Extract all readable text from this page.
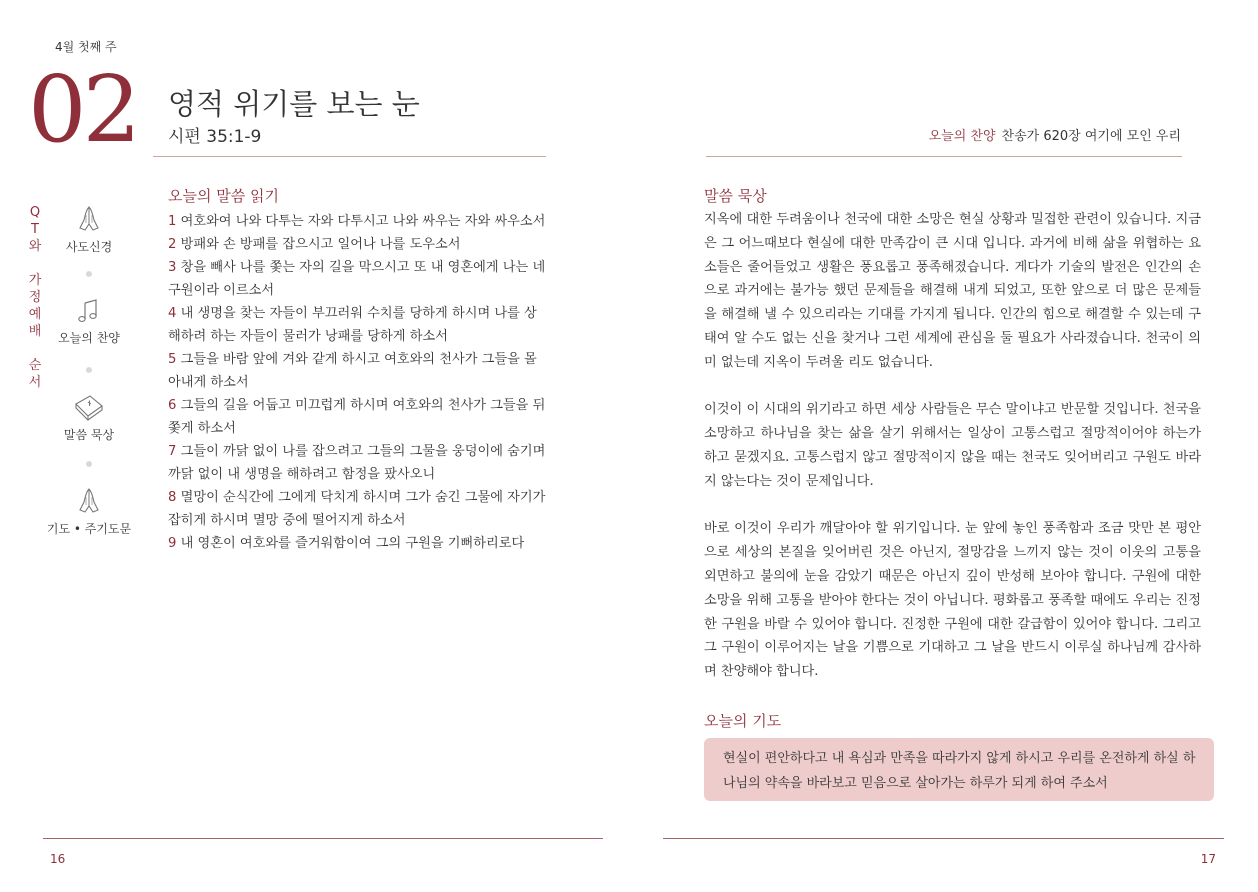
4월 첫째 주
02 영적 위기를 보는 눈
시편 35:1-9	오늘의 찬양 찬송가 620장 여기에 모인 우리
Q
T
와

가
정
예
배

순
서
사도신경
오늘의 찬양
말씀 묵상
기도 • 주기도문
오늘의 말씀 읽기

1 여호와여 나와 다투는 자와 다투시고 나와 싸우는 자와 싸우소서

2 방패와 손 방패를 잡으시고 일어나 나를 도우소서

3 창을 빼사 나를 쫓는 자의 길을 막으시고 또 내 영혼에게 나는 네 구원이라 이르소서

4 내 생명을 찾는 자들이 부끄러워 수치를 당하게 하시며 나를 상해하려 하는 자들이 물러가 낭패를 당하게 하소서

5 그들을 바람 앞에 겨와 같게 하시고 여호와의 천사가 그들을 몰아내게 하소서

6 그들의 길을 어둡고 미끄럽게 하시며 여호와의 천사가 그들을 뒤쫓게 하소서

7 그들이 까닭 없이 나를 잡으려고 그들의 그물을 웅덩이에 숨기며 까닭 없이 내 생명을 해하려고 함정을 팠사오니

8 멸망이 순식간에 그에게 닥치게 하시며 그가 숨긴 그물에 자기가 잡히게 하시며 멸망 중에 떨어지게 하소서

9 내 영혼이 여호와를 즐거워함이여 그의 구원을 기뻐하리로다

말씀 묵상

지옥에 대한 두려움이나 천국에 대한 소망은 현실 상황과 밀접한 관련이 있습니다. 지금은 그 어느때보다 현실에 대한 만족감이 큰 시대 입니다. 과거에 비해 삶을 위협하는 요소들은 줄어들었고 생활은 풍요롭고 풍족해졌습니다. 게다가 기술의 발전은 인간의 손으로 과거에는 불가능 했던 문제들을 해결해 내게 되었고, 또한 앞으로 더 많은 문제들을 해결해 낼 수 있으리라는 기대를 가지게 됩니다. 인간의 힘으로 해결할 수 있는데 구태여 알 수도 없는 신을 찾거나 그런 세계에 관심을 둘 필요가 사라졌습니다. 천국이 의미 없는데 지옥이 두려울 리도 없습니다.

이것이 이 시대의 위기라고 하면 세상 사람들은 무슨 말이냐고 반문할 것입니다. 천국을 소망하고 하나님을 찾는 삶을 살기 위해서는 일상이 고통스럽고 절망적이어야 하는가 하고 묻겠지요. 고통스럽지 않고 절망적이지 않을 때는 천국도 잊어버리고 구원도 바라지 않는다는 것이 문제입니다.

바로 이것이 우리가 깨달아야 할 위기입니다. 눈 앞에 놓인 풍족함과 조금 맛만 본 평안으로 세상의 본질을 잊어버린 것은 아닌지, 절망감을 느끼지 않는 것이 이웃의 고통을 외면하고 불의에 눈을 감았기 때문은 아닌지 깊이 반성해 보아야 합니다. 구원에 대한 소망을 위해 고통을 받아야 한다는 것이 아닙니다. 평화롭고 풍족할 때에도 우리는 진정한 구원을 바랄 수 있어야 합니다. 진정한 구원에 대한 갈급함이 있어야 합니다. 그리고 그 구원이 이루어지는 날을 기쁨으로 기대하고 그 날을 반드시 이루실 하나님께 감사하며 찬양해야 합니다.

오늘의 기도
현실이 편안하다고 내 욕심과 만족을 따라가지 않게 하시고 우리를 온전하게 하실 하나님의 약속을 바라보고 믿음으로 살아가는 하루가 되게 하여 주소서
16	17
